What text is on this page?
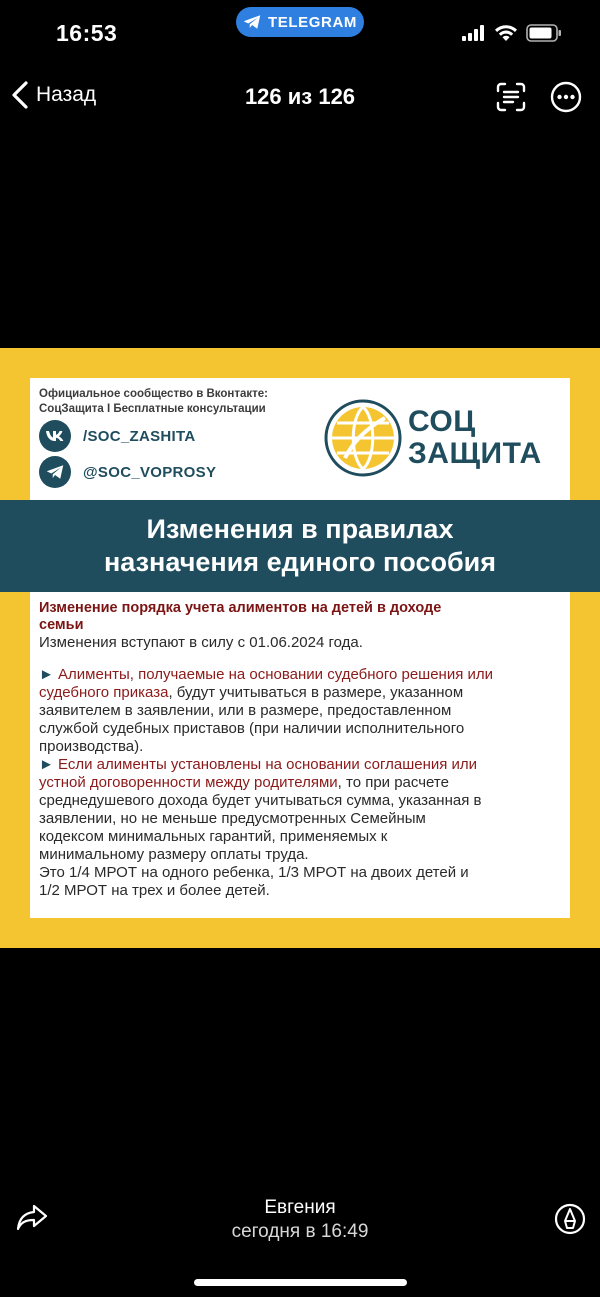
16:53	TELEGRAM
Назад	126 из 126
Официальное сообщество в Вконтакте:
СоцЗащита I Бесплатные консультации
/SOC_ZASHITA
@SOC_VOPROSY
СОЦ
ЗАЩИТА
Изменения в правилах
назначения единого пособия
Изменение порядка учета алиментов на детей в доходе
семьи
Изменения вступают в силу с 01.06.2024 года.
► Алименты, получаемые на основании судебного решения или
судебного приказа, будут учитываться в размере, указанном
заявителем в заявлении, или в размере, предоставленном
службой судебных приставов (при наличии исполнительного
производства).
► Если алименты установлены на основании соглашения или
устной договоренности между родителями, то при расчете
среднедушевого дохода будет учитываться сумма, указанная в
заявлении, но не меньше предусмотренных Семейным
кодексом минимальных гарантий, применяемых к
минимальному размеру оплаты труда.
Это 1/4 МРОТ на одного ребенка, 1/3 МРОТ на двоих детей и
1/2 МРОТ на трех и более детей.
Евгения
сегодня в 16:49
